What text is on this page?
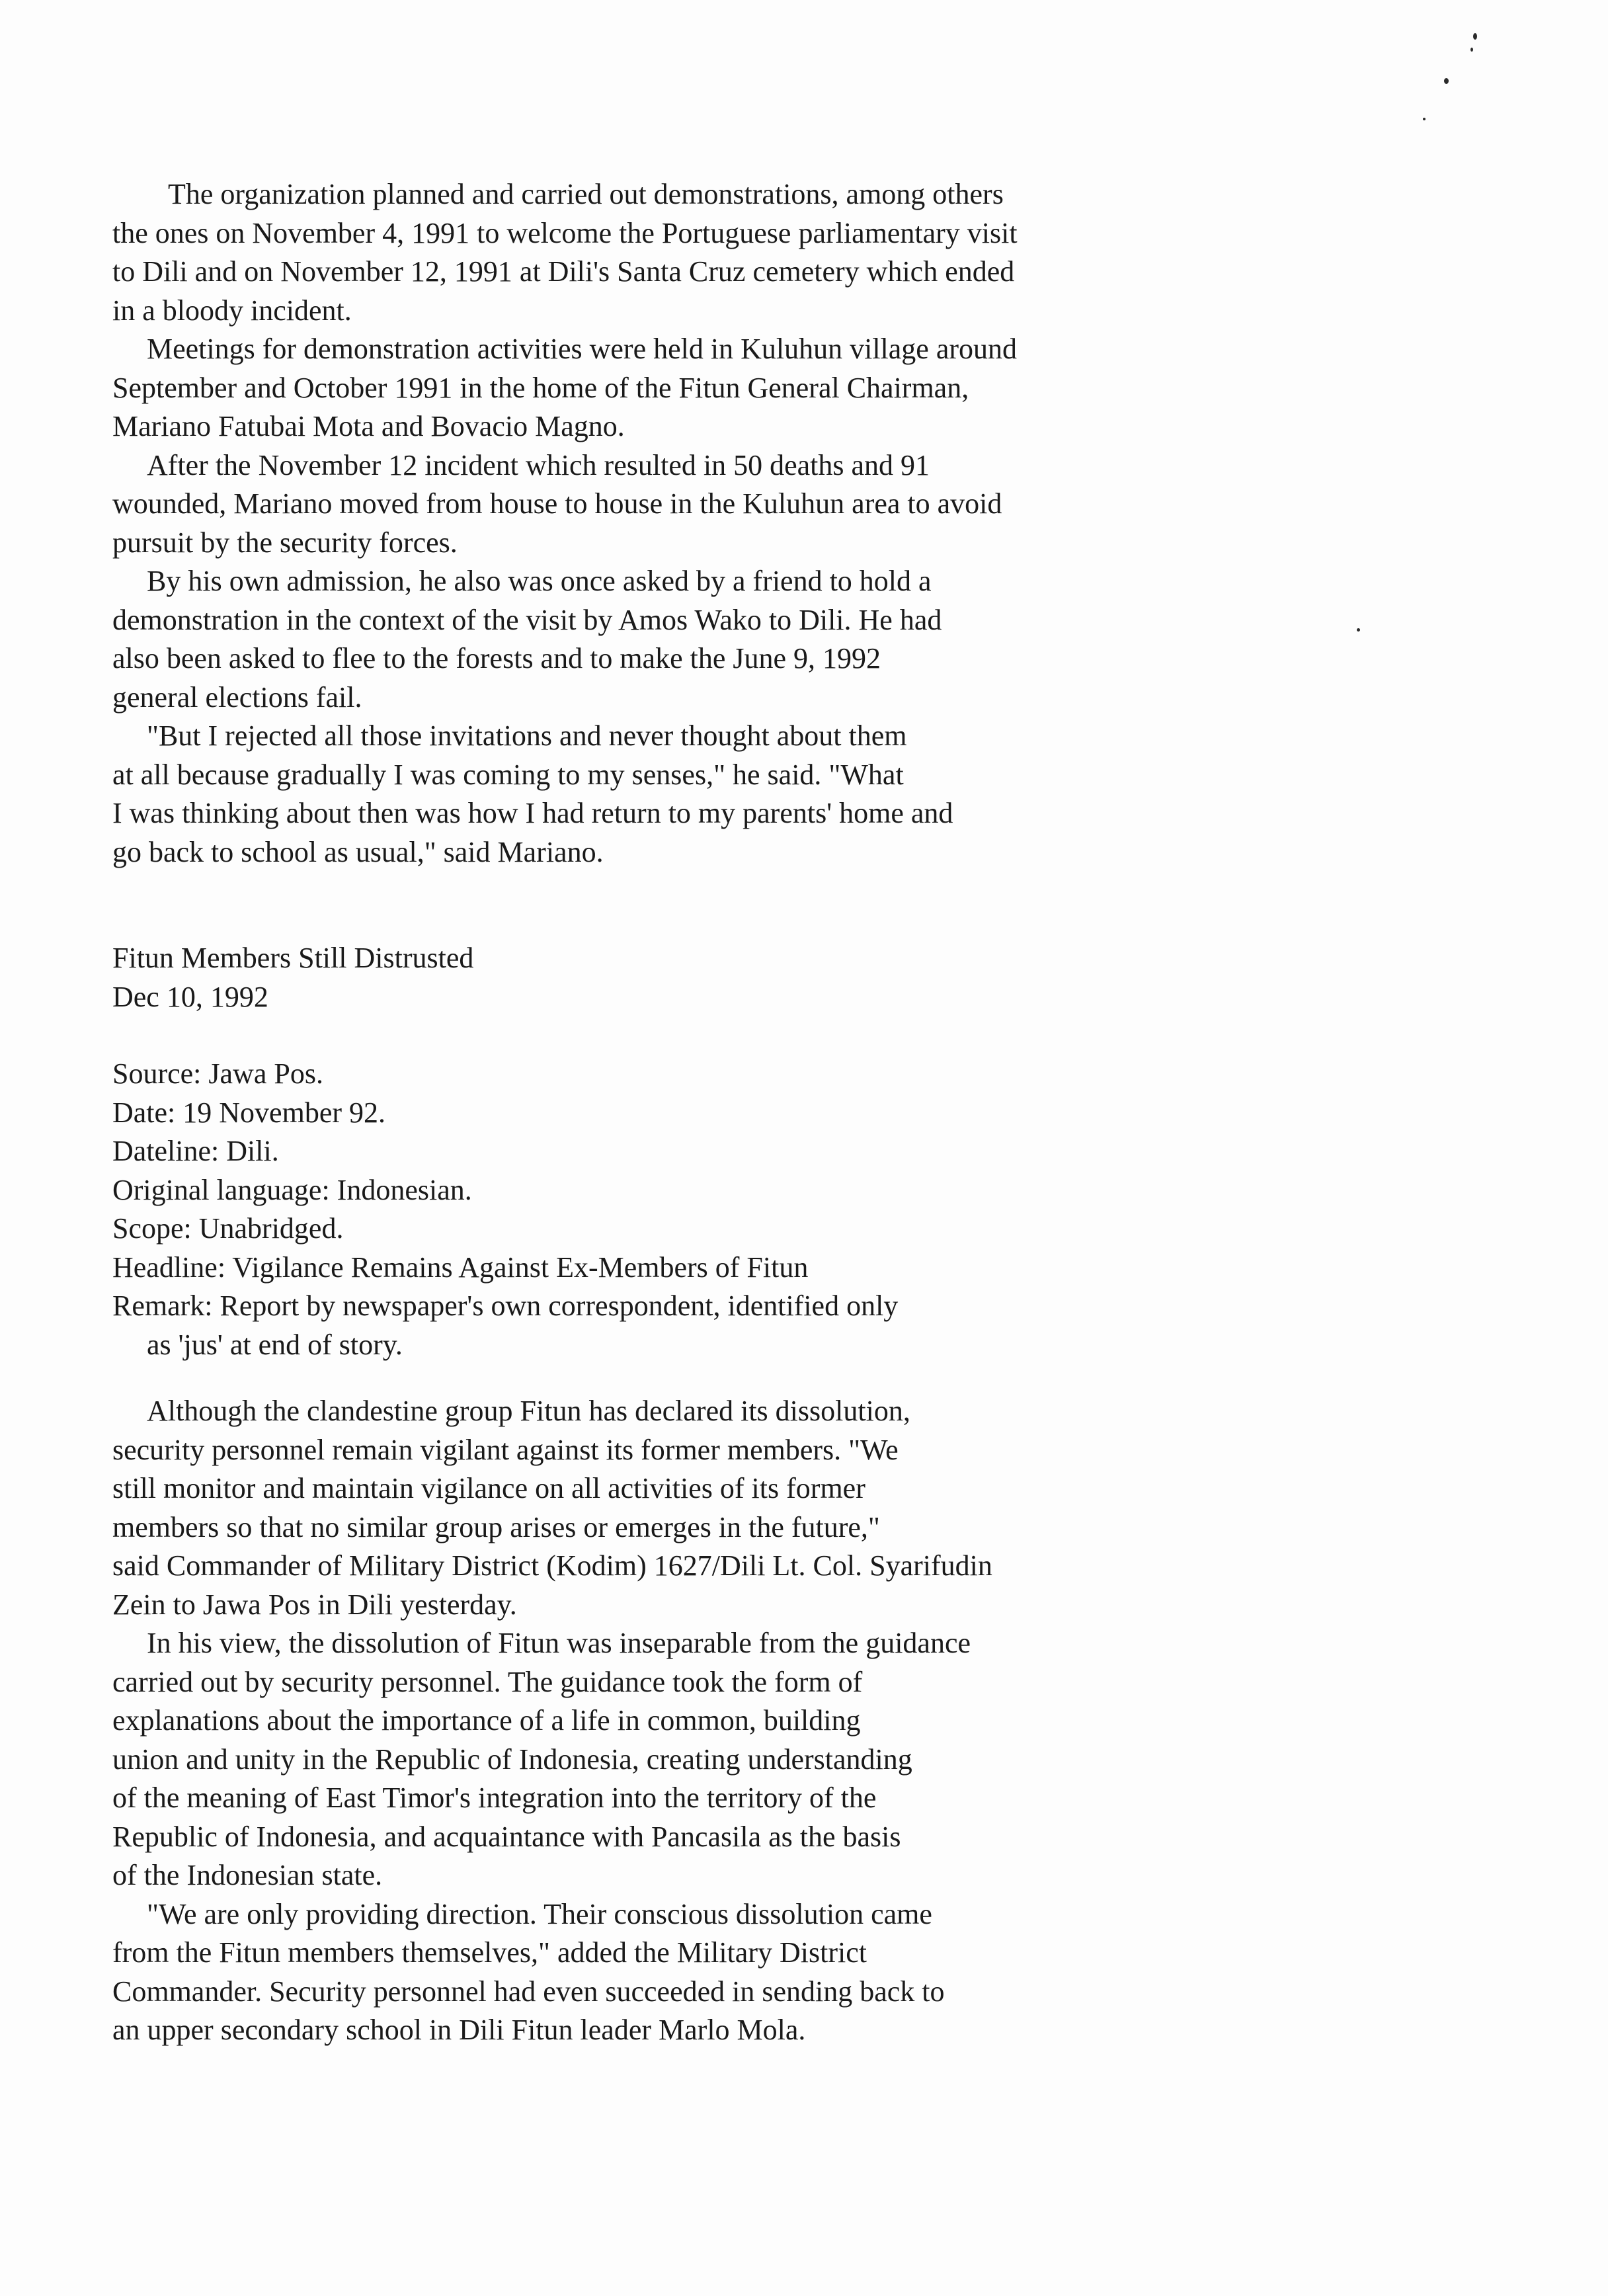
The organization planned and carried out demonstrations, among others
the ones on November 4, 1991 to welcome the Portuguese parliamentary visit
to Dili and on November 12, 1991 at Dili's Santa Cruz cemetery which ended
in a bloody incident.
Meetings for demonstration activities were held in Kuluhun village around
September and October 1991 in the home of the Fitun General Chairman,
Mariano Fatubai Mota and Bovacio Magno.
After the November 12 incident which resulted in 50 deaths and 91
wounded, Mariano moved from house to house in the Kuluhun area to avoid
pursuit by the security forces.
By his own admission, he also was once asked by a friend to hold a
demonstration in the context of the visit by Amos Wako to Dili. He had
also been asked to flee to the forests and to make the June 9, 1992
general elections fail.
"But I rejected all those invitations and never thought about them
at all because gradually I was coming to my senses," he said. "What
I was thinking about then was how I had return to my parents' home and
go back to school as usual," said Mariano.
Fitun Members Still Distrusted
Dec 10, 1992
Source: Jawa Pos.
Date: 19 November 92.
Dateline: Dili.
Original language: Indonesian.
Scope: Unabridged.
Headline: Vigilance Remains Against Ex-Members of Fitun
Remark: Report by newspaper's own correspondent, identified only
as 'jus' at end of story.
Although the clandestine group Fitun has declared its dissolution,
security personnel remain vigilant against its former members. "We
still monitor and maintain vigilance on all activities of its former
members so that no similar group arises or emerges in the future,"
said Commander of Military District (Kodim) 1627/Dili Lt. Col. Syarifudin
Zein to Jawa Pos in Dili yesterday.
In his view, the dissolution of Fitun was inseparable from the guidance
carried out by security personnel. The guidance took the form of
explanations about the importance of a life in common, building
union and unity in the Republic of Indonesia, creating understanding
of the meaning of East Timor's integration into the territory of the
Republic of Indonesia, and acquaintance with Pancasila as the basis
of the Indonesian state.
"We are only providing direction. Their conscious dissolution came
from the Fitun members themselves," added the Military District
Commander. Security personnel had even succeeded in sending back to
an upper secondary school in Dili Fitun leader Marlo Mola.
